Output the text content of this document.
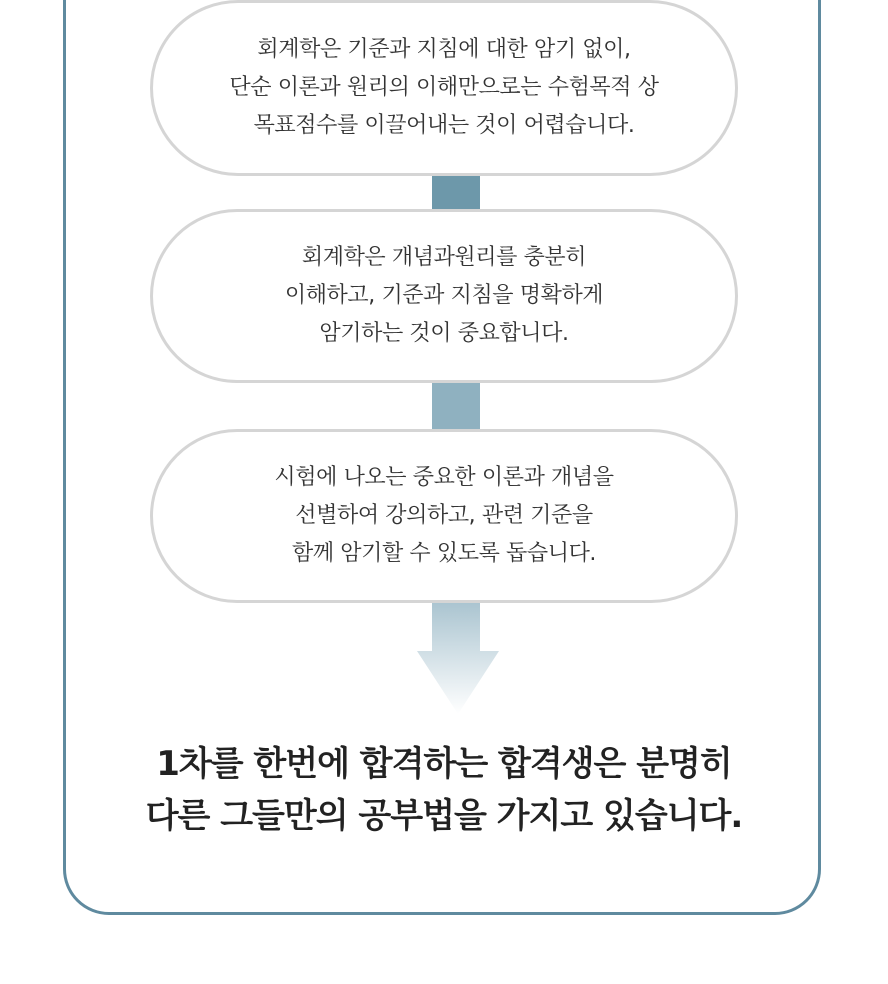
회계학은 기준과 지침에 대한 암기 없이,
단순 이론과 원리의 이해만으로는 수험목적 상
목표점수를 이끌어내는 것이 어렵습니다.
회계학은 개념과원리를 충분히
이해하고, 기준과 지침을 명확하게
암기하는 것이 중요합니다.
시험에 나오는 중요한 이론과 개념을
선별하여 강의하고, 관련 기준을
함께 암기할 수 있도록 돕습니다.
1차를 한번에 합격하는 합격생은 분명히
다른 그들만의 공부법을 가지고 있습니다.
